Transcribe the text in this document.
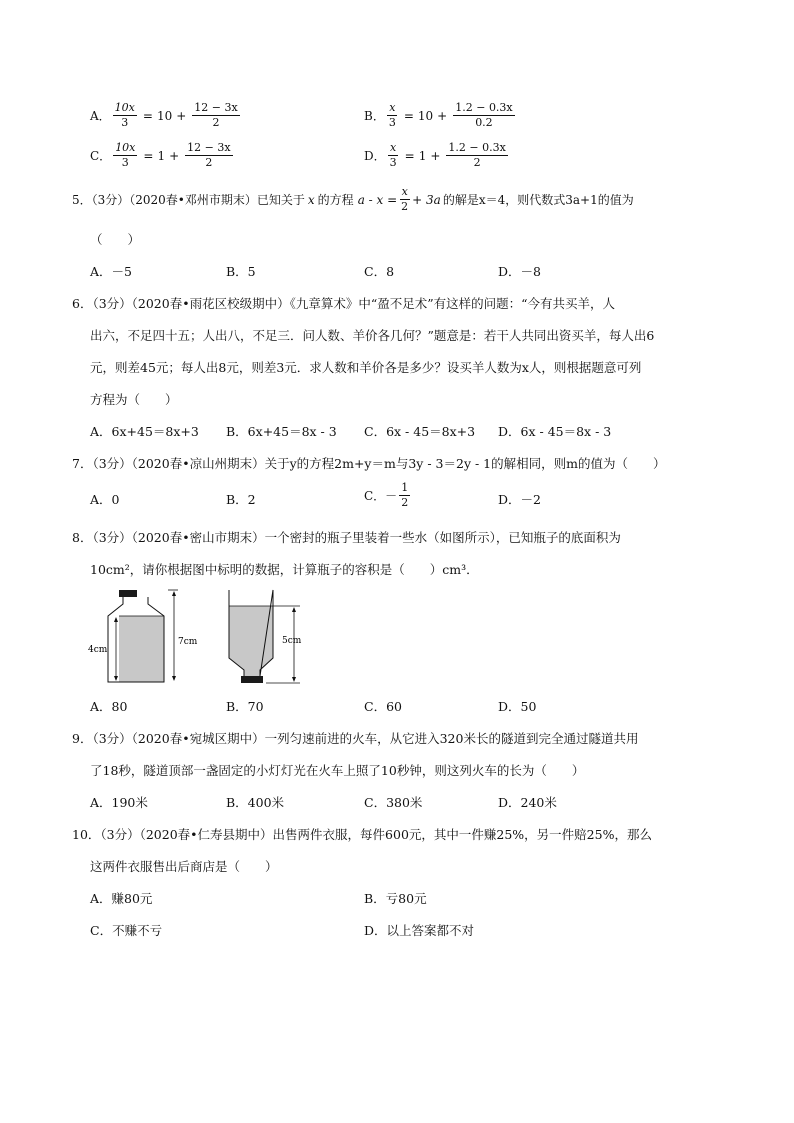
A． $\frac{10x}{3} = 10 + \frac{12 - 3x}{2}$	B． $\frac{x}{3} = 10 + \frac{1.2 - 0.3x}{0.2}$
C． $\frac{10x}{3} = 1 + \frac{12 - 3x}{2}$	D． $\frac{x}{3} = 1 + \frac{1.2 - 0.3x}{2}$
5．（3分）（2020春•邓州市期末）已知关于 x 的方程 $a - x = \frac{x}{2} + 3a$ 的解是x＝4，则代数式3a+1的值为
（　　）
A．－5	B．5	C．8	D．－8
6．（3分）（2020春•雨花区校级期中）《九章算术》中“盈不足术”有这样的问题：“今有共买羊，人
出六，不足四十五；人出八，不足三．问人数、羊价各几何？”题意是：若干人共同出资买羊，每人出6
元，则差45元；每人出8元，则差3元．求人数和羊价各是多少？设买羊人数为x人，则根据题意可列
方程为（　　）
A．6x+45＝8x+3 B．6x+45＝8x - 3 C．6x - 45＝8x+3 D．6x - 45＝8x - 3
7．（3分）（2020春•凉山州期末）关于y的方程2m+y＝m与3y - 3＝2y - 1的解相同，则m的值为（　　）
A．0	B．2	C．－ $\frac{1}{2}$	D．－2
8．（3分）（2020春•密山市期末）一个密封的瓶子里装着一些水（如图所示），已知瓶子的底面积为
10cm²，请你根据图中标明的数据，计算瓶子的容积是（　　）cm³．
4cm
7cm	5cm
A．80	B．70	C．60	D．50
9．（3分）（2020春•宛城区期中）一列匀速前进的火车，从它进入320米长的隧道到完全通过隧道共用
了18秒，隧道顶部一盏固定的小灯灯光在火车上照了10秒钟，则这列火车的长为（　　）
A．190米	B．400米	C．380米	D．240米
10．（3分）（2020春•仁寿县期中）出售两件衣服，每件600元，其中一件赚25%，另一件赔25%，那么
这两件衣服售出后商店是（　　）
A．赚80元	B．亏80元
C．不赚不亏	D．以上答案都不对
